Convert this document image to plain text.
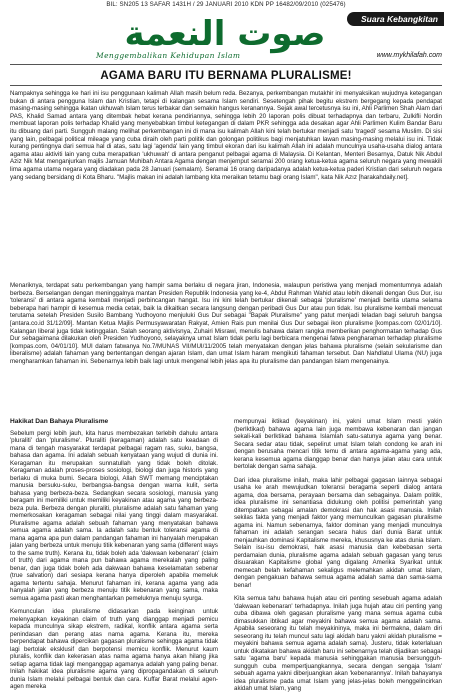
BIL: SN205 13 SAFAR 1431H / 29 JANUARI 2010 KDN PP 16482/09/2010 (025476)
صوت النعمة	Suara Kebangkitan
Menggembalikan Kehidupan Islam	www.mykhilafah.com
AGAMA BARU ITU BERNAMA PLURALISME!
Nampaknya sehingga ke hari ini isu penggunaan kalimah Allah masih belum reda. Bezanya, perkembangan mutakhir ini menyaksikan wujudnya ketegangan bukan di antara pengguna Islam dan Kristian, tetapi di kalangan sesama Islam sendiri. Sesetengah pihak begitu ekstrem bergegang kepada pendapat masing-masing sehingga ikatan ukhuwah Islam terus terbakar dan semakin hangus keranannya. Sejak awal tercetusnya isu ini, Ahli Parlimen Shah Alam dari PAS, Khalid Samad antara yang ditembak hebat kerana pendiriannya, sehingga lebih 20 laporan polis dibuat terhadapnya dan terbaru, Zulkifli Nordin membuat laporan polis terhadap Khalid yang menyebabkan timbul ketegangan di dalam PKR sehingga ada desakan agar Ahli Parlimen Kulim Bandar Baru itu dibuang dari parti. Sungguh malang melihat perkembangan ini di mana isu kalimah Allah kini telah bertukar menjadi satu 'tragedi' sesama Muslim. Di sisi yang lain, pelbagai political mileage yang cuba diraih oleh parti politik dan golongan politikus bagi menjatuhkan lawan masing-masing melalui isu ini. Tidak kurang pentingnya dari semua hal di atas, satu lagi 'agenda' lain yang timbul ekoran dari isu kalimah Allah ini adalah munculnya usaha-usaha dialog antara agama atau aktiviti lain yang cuba merapatkan 'ukhuwah' di antara penganut pelbagai agama di Malaysia. Di Kelantan, Menteri Besarnya, Datuk Nik Abdul Aziz Nik Mat menganjurkan majlis Jamuan Muhibah Antara Agama dengan menjemput seramai 200 orang ketua-ketua agama seluruh negara yang mewakili lima agama utama negara yang diadakan pada 28 Januari (semalam). Seramai 16 orang daripadanya adalah ketua-ketua paderi Kristian dari seluruh negara yang sedang bersidang di Kota Bharu. "Majlis makan ini adalah lambang kita meraikan tetamu bagi orang Islam", kata Nik Azız [harakahdaily.net].
Menariknya, terdapat satu perkembangan yang hampir sama berlaku di negara jiran, Indonesia, walaupun peristiwa yang menjadi momentumnya adalah berbeza. Berselangan dengan meninggalnya mantan Presiden Republik Indonesia yang ke-4, Abdul Rahman Wahid atau lebih dikenali dengan Gus Dur, isu 'toleransi' di antara agama kembali menjadi perbincangan hangat. Isu ini kini telah bertukar dikenali sebagai 'pluralisme' menjadi berita utama selama beberapa hari hampir di kesemua media cetak, baik la dikaitkan secara langsung dengan peribadi Gus Dur atau pun tidak. Isu pluralisme kembali mencuat terutama setelah Presiden Susilo Bambang Yudhoyono menjuluki Gus Dur sebagai "Bapak Pluralisme" yang patut menjadi teladan bagi seluruh bangsa [antara.co.id 31/12/09]. Mantan Ketua Majlis Permusyawaratan Rakyat, Amien Rais pun menilai Gus Dur sebagai ikon pluralisme [kompas.com 02/01/10]. Kalangan liberal juga tidak ketinggalan. Salah seorang aktivisnya, Zuhairi Misrawi, menulis bahawa dalam rangka memberikan penghormatan terhadap Gus Dur sebagaimana dilakukan oleh Presiden Yudhoyono, selayaknya umat Islam tidak perlu lagi berbicara mengenai fatwa pengharaman terhadap pluralisme [kompas.com, 04/01/10]. MUI dalam fatwanya No.7/MUNAS VII/MUI/11/2005 telah menyatakan dengan jelas bahawa pluralisme (selain sekularisme dan liberalisme) adalah fahaman yang bertentangan dengan ajaran Islam, dan umat Islam haram mengikuti fahaman tersebut. Dan Nahdlatul Ulama (NU) juga mengharamkan fahaman ini. Sebenarnya lebih baik lagi untuk mengenal lebih jelas apa itu pluralisme dan pandangan Islam mengenainya.
Hakikat Dan Bahaya Pluralisme

Sebelum pergi lebih jauh, kita harus membezakan terlebih dahulu antara 'pluraliti' dan 'pluralisme'. Pluraliti (keragaman) adalah satu keadaan di mana di tengah masyarakat terdapat pelbagai ragam ras, suku, bangsa, bahasa dan agama. Ini adalah sebuah kenyataan yang wujud di dunia ini. Keragaman itu merupakan sunnatullah yang tidak boleh ditolak. Keragaman adalah proses-proses sosiologi, biologi dan juga historis yang berlaku di muka bumi. Secara biologi, Allah SWT memang menciptakan manusia bersuku-suku, berbangsa-bangsa dengan warna kulit, serta bahasa yang berbeza-beza. Sedangkan secara sosiologi, manusia yang beragam ini memiliki untuk memiliki keyakinan atau agama yang berbeza-beza pula. Berbeza dengan pluraliti, pluralisme adalah satu fahaman yang memerkosakan keragaman sebagai nilai yang tinggi dalam masyarakat. Pluralisme agama adalah sebuah fahaman yang menyatakan bahawa semua agama adalah sama. Ia adalah satu bentuk toleransi agama di mana agama apa pun dalam pandangan fahaman ini hanyalah merupakan jalan yang berbeza untuk menuju titik kebenaran yang sama (different ways to the same truth). Kerana itu, tidak boleh ada 'dakwaan kebenaran' (claim of truth) dari agama mana pun bahawa agama merekalah yang paling benar, dan juga tidak boleh ada dakwaan bahawa keselamatan sebenar (true salvation) dari sesiapa kerana hanya diperoleh apabila memeluk agama tertentu sahaja. Menurut fahaman ini, kerana agama yang ada hanyalah jalan yang berbeza menuju titik kebenaran yang sama, maka semua agama pasti akan menghantarkan pemeluknya menuju syurga.

Kemunculan idea pluralisme didasarkan pada keinginan untuk melenyapkan keyakinan claim of truth yang dianggap menjadi pemicu kepada munculnya sikap ekstrem, radikal, konflik antara agama serta penindasan dan perang atas nama agama. Kerana itu, mereka berpendapat bahawa dipercikan gagasan pluralisme sehingga agama tidak lagi bertolak eksklusif dan berpotensi memicu konflik. Menurut kaum pluralis, konflik dan kekerasan atas nama agama hanya akan hilang jika setiap agama tidak lagi menganggap agamanya adalah yang paling benar. Inilah hakikat idea pluralisme agama yang dipropagandakan di seluruh dunia Islam melalui pelbagai bentuk dan cara. Kuffar Barat melalui agen-agen mereka

mempunyai iktikad (keyakinan) ini, yakni umat Islam mesti yakin (berIktikad) bahawa agama lain juga membawa kebenaran dan jangan sekali-kali berIktikad bahawa Islamlah satu-satunya agama yang benar. Secara sedar atau tidak, sepelirut umat Islam telah condong ke arah ini dengan berusaha mencari titik temu di antara agama-agama yang ada, kerana kesemua agama dianggap benar dan hanya jalan atau cara untuk bertolak dengan sama sahaja.

Dari idea pluralisme inilah, maka lahir pelbagai gagasan lainnya sebagai usaha ke arah mewujudkan toleransi beragama seperti dialog antara agama, doa bersama, perayaan bersama dan sebagainya. Dalam politik, idea pluralisme ini senantiasa didukung oleh politisi pemerintah yang ditempatkan sebagai amalan demokrasi dan hak asasi manusia. Inilah sekilas fakta yang menjadi faktor yang memunculkan gagasan pluralisme agama ini. Namun sebenarnya, faktor dominan yang menjadi munculnya fahaman ini adalah serangan secara halus dari dunia Barat untuk menjauhkan dominasi Kapitalisme mereka, khususnya ke atas dunia Islam. Selain isu-isu demokrasi, hak asasi manusia dan kebebasan serta perdamaian dunia, pluralisme agama adalah sebuah gagasan yang terus disuarakan Kapitalisme global yang digalang Amerika Syarikat untuk memecah belah kefahaman sekaligus melemahkan akidah umat Islam, dengan pengakuan bahawa semua agama adalah sama dan sama-sama benar!

Kita semua tahu bahawa hujah atau ciri penting sesebuah agama adalah 'dakwaan kebenaran' terhadapnya. Inilah juga hujah atau ciri penting yang cuba dibawa oleh gagasan pluralisme yang mana semua agama cuba dimasukkan ibtikad agar meyakini bahawa semua agama adalah sama. Apabila seseorang itu telah meyakininya, maka ini bermakna, dalam diri seseorang itu telah muncul satu lagi akidah baru yakni akidah pluralisme = meyakini bahawa semua agama adalah sama). Justeru, tidak keterlaluan untuk dikatakan bahawa akidah baru ini sebenarnya telah dijadikan sebagai satu 'agama baru' kepada manusia sehinggakan manusia bersungguh-sungguh cuba mempertjuangkannya, secara dengan sengaja 'Islam' sebuah agama yakni diberjuangkan akan 'kebenarannya'. Inilah bahayanya idea pluralisme pada umat Islam yang jelas-jelas boleh menggelincirkan akidah umat Islam, yang
